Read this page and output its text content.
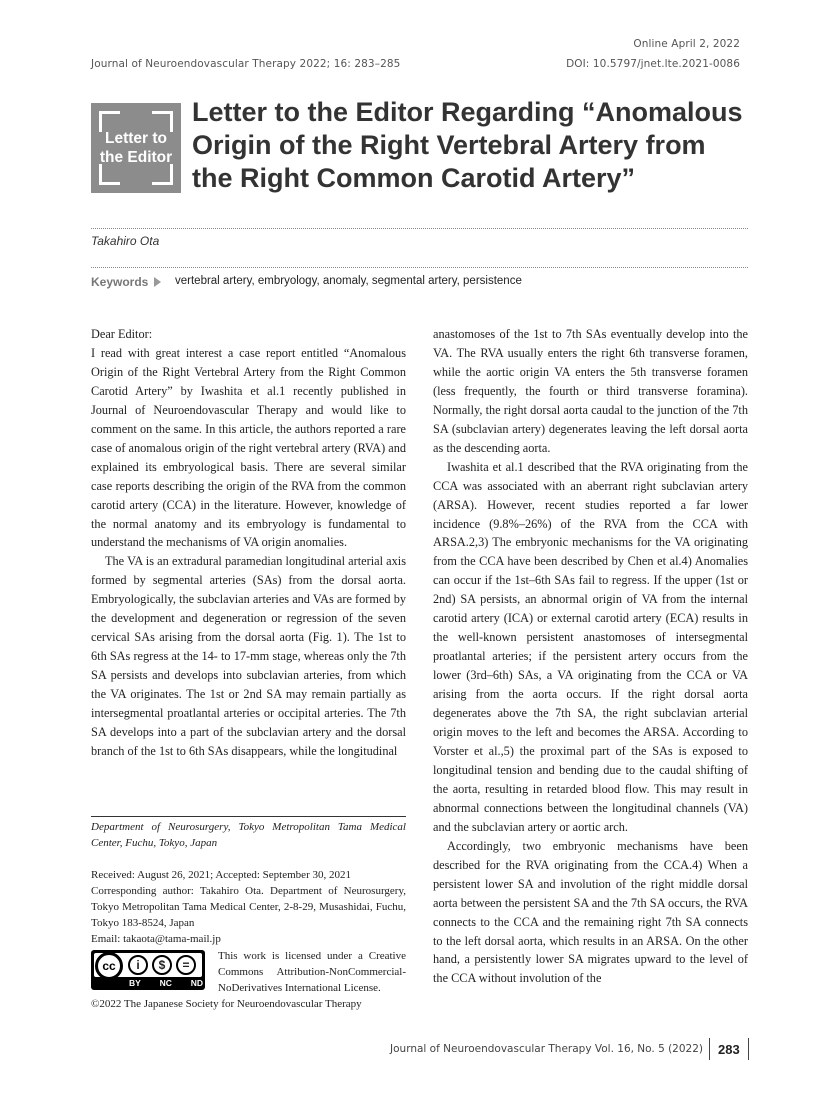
Online April 2, 2022
Journal of Neuroendovascular Therapy 2022; 16: 283–285	DOI: 10.5797/jnet.lte.2021-0086
Letter to
the Editor
Letter to the Editor Regarding “Anomalous
Origin of the Right Vertebral Artery from
the Right Common Carotid Artery”
Takahiro Ota
Keywords	vertebral artery, embryology, anomaly, segmental artery, persistence

Dear Editor:

I read with great interest a case report entitled “Anomalous Origin of the Right Vertebral Artery from the Right Common Carotid Artery” by Iwashita et al.1 recently published in Journal of Neuroendovascular Therapy and would like to comment on the same. In this article, the authors reported a rare case of anomalous origin of the right vertebral artery (RVA) and explained its embryological basis. There are several similar case reports describing the origin of the RVA from the common carotid artery (CCA) in the literature. However, knowledge of the normal anatomy and its embryology is fundamental to understand the mechanisms of VA origin anomalies.

The VA is an extradural paramedian longitudinal arterial axis formed by segmental arteries (SAs) from the dorsal aorta. Embryologically, the subclavian arteries and VAs are formed by the development and degeneration or regression of the seven cervical SAs arising from the dorsal aorta (Fig. 1). The 1st to 6th SAs regress at the 14- to 17-mm stage, whereas only the 7th SA persists and develops into subclavian arteries, from which the VA originates. The 1st or 2nd SA may remain partially as intersegmental proatlantal arteries or occipital arteries. The 7th SA develops into a part of the subclavian artery and the dorsal branch of the 1st to 6th SAs disappears, while the longitudinal

Department of Neurosurgery, Tokyo Metropolitan Tama Medical Center, Fuchu, Tokyo, Japan
Received: August 26, 2021; Accepted: September 30, 2021
Corresponding author: Takahiro Ota. Department of Neurosurgery, Tokyo Metropolitan Tama Medical Center, 2-8-29, Musashidai, Fuchu, Tokyo 183-8524, Japan
Email: takaota@tama-mail.jp
cc	i	$	=
BY NC ND
This work is licensed under a Creative Commons Attribution-NonCommercial-NoDerivatives International License.
©2022 The Japanese Society for Neuroendovascular Therapy

anastomoses of the 1st to 7th SAs eventually develop into the VA. The RVA usually enters the right 6th transverse foramen, while the aortic origin VA enters the 5th transverse foramen (less frequently, the fourth or third transverse foramina). Normally, the right dorsal aorta caudal to the junction of the 7th SA (subclavian artery) degenerates leaving the left dorsal aorta as the descending aorta.

Iwashita et al.1 described that the RVA originating from the CCA was associated with an aberrant right subclavian artery (ARSA). However, recent studies reported a far lower incidence (9.8%–26%) of the RVA from the CCA with ARSA.2,3) The embryonic mechanisms for the VA originating from the CCA have been described by Chen et al.4) Anomalies can occur if the 1st–6th SAs fail to regress. If the upper (1st or 2nd) SA persists, an abnormal origin of VA from the internal carotid artery (ICA) or external carotid artery (ECA) results in the well-known persistent anastomoses of intersegmental proatlantal arteries; if the persistent artery occurs from the lower (3rd–6th) SAs, a VA originating from the CCA or VA arising from the aorta occurs. If the right dorsal aorta degenerates above the 7th SA, the right subclavian arterial origin moves to the left and becomes the ARSA. According to Vorster et al.,5) the proximal part of the SAs is exposed to longitudinal tension and bending due to the caudal shifting of the aorta, resulting in retarded blood flow. This may result in abnormal connections between the longitudinal channels (VA) and the subclavian artery or aortic arch.

Accordingly, two embryonic mechanisms have been described for the RVA originating from the CCA.4) When a persistent lower SA and involution of the right middle dorsal aorta between the persistent SA and the 7th SA occurs, the RVA connects to the CCA and the remaining right 7th SA connects to the left dorsal aorta, which results in an ARSA. On the other hand, a persistently lower SA migrates upward to the level of the CCA without involution of the

Journal of Neuroendovascular Therapy Vol. 16, No. 5 (2022) 283
